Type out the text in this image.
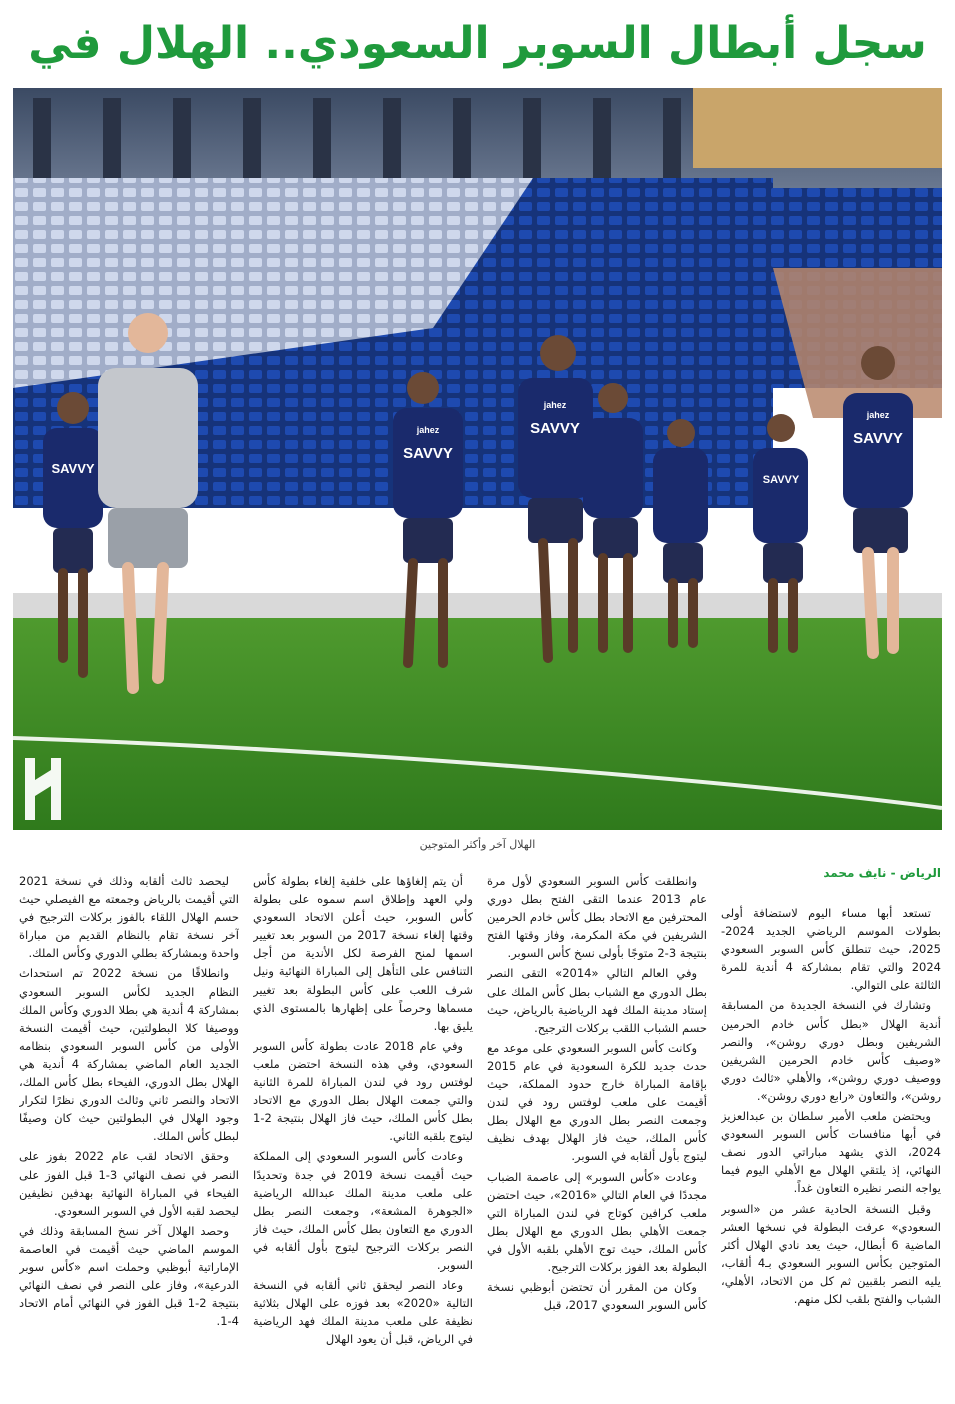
سجل أبطال السوبر السعودي.. الهلال في
SAVVY
SAVVY
SAVVY
SAVVY
SAVVY
jahez
jahez
jahez
الهلال آخر وأكثر المتوجين
الرياض - نايف محمد

تستعد أبها مساء اليوم لاستضافة أولى بطولات الموسم الرياضي الجديد 2024-2025، حيث تنطلق كأس السوبر السعودي 2024 والتي تقام بمشاركة 4 أندية للمرة الثالثة على التوالي.

وتشارك في النسخة الجديدة من المسابقة أندية الهلال «بطل كأس خادم الحرمين الشريفين وبطل دوري روشن»، والنصر «وصيف كأس خادم الحرمين الشريفين ووصيف دوري روشن»، والأهلي «ثالث دوري روشن»، والتعاون «رابع دوري روشن».

ويحتضن ملعب الأمير سلطان بن عبدالعزيز في أبها منافسات كأس السوبر السعودي 2024، الذي يشهد مباراتي الدور نصف النهائي، إذ يلتقي الهلال مع الأهلي اليوم فيما يواجه النصر نظيره التعاون غداً.

وقبل النسخة الحادية عشر من «السوبر السعودي» عرفت البطولة في نسخها العشر الماضية 6 أبطال، حيث يعد نادي الهلال أكثر المتوجين بكأس السوبر السعودي بـ4 ألقاب، يليه النصر بلقبين ثم كل من الاتحاد، الأهلي، الشباب والفتح بلقب لكل منهم.

وانطلقت كأس السوبر السعودي لأول مرة عام 2013 عندما التقى الفتح بطل دوري المحترفين مع الاتحاد بطل كأس خادم الحرمين الشريفين في مكة المكرمة، وفاز وقتها الفتح بنتيجة 3-2 متوجًا بأولى نسخ كأس السوبر.

وفي العالم التالي «2014» التقى النصر بطل الدوري مع الشباب بطل كأس الملك على إستاد مدينة الملك فهد الرياضية بالرياض، حيث حسم الشباب اللقب بركلات الترجيح.

وكانت كأس السوبر السعودي على موعد مع حدث جديد للكرة السعودية في عام 2015 بإقامة المباراة خارج حدود المملكة، حيث أقيمت على ملعب لوفتس رود في لندن وجمعت النصر بطل الدوري مع الهلال بطل كأس الملك، حيث فاز الهلال بهدف نظيف ليتوج بأول ألقابه في السوبر.

وعادت «كأس السوبر» إلى عاصمة الضباب مجددًا في العام التالي «2016»، حيث احتضن ملعب كرافين كوتاج في لندن المباراة التي جمعت الأهلي بطل الدوري مع الهلال بطل كأس الملك، حيث توج الأهلي بلقبه الأول في البطولة بعد الفوز بركلات الترجيح.

وكان من المقرر أن تحتضن أبوظبي نسخة كأس السوبر السعودي 2017، قبل

أن يتم إلغاؤها على خلفية إلغاء بطولة كأس ولي العهد وإطلاق اسم سموه على بطولة كأس السوبر، حيث أعلن الاتحاد السعودي وقتها إلغاء نسخة 2017 من السوبر بعد تغيير اسمها لمنح الفرصة لكل الأندية من أجل التنافس على التأهل إلى المباراة النهائية ونيل شرف اللعب على كأس البطولة بعد تغيير مسماها وحرصاً على إظهارها بالمستوى الذي يليق بها.

وفي عام 2018 عادت بطولة كأس السوبر السعودي، وفي هذه النسخة احتضن ملعب لوفتس رود في لندن المباراة للمرة الثانية والتي جمعت الهلال بطل الدوري مع الاتحاد بطل كأس الملك، حيث فاز الهلال بنتيجة 2-1 ليتوج بلقبه الثاني.

وعادت كأس السوبر السعودي إلى المملكة حيث أقيمت نسخة 2019 في جدة وتحديدًا على ملعب مدينة الملك عبدالله الرياضية «الجوهرة المشعة»، وجمعت النصر بطل الدوري مع التعاون بطل كأس الملك، حيث فاز النصر بركلات الترجيح ليتوج بأول ألقابه في السوبر.

وعاد النصر ليحقق ثاني ألقابه في النسخة التالية «2020» بعد فوزه على الهلال بثلاثية نظيفة على ملعب مدينة الملك فهد الرياضية في الرياض، قبل أن يعود الهلال

ليحصد ثالث ألقابه وذلك في نسخة 2021 التي أقيمت بالرياض وجمعته مع الفيصلي حيث حسم الهلال اللقاء بالفوز بركلات الترجيح في آخر نسخة تقام بالنظام القديم من مباراة واحدة وبمشاركة بطلي الدوري وكأس الملك.

وانطلاقًا من نسخة 2022 تم استحداث النظام الجديد لكأس السوبر السعودي بمشاركة 4 أندية هي بطلا الدوري وكأس الملك ووصيفا كلا البطولتين، حيث أقيمت النسخة الأولى من كأس السوبر السعودي بنظامه الجديد العام الماضي بمشاركة 4 أندية هي الهلال بطل الدوري، الفيحاء بطل كأس الملك، الاتحاد والنصر ثاني وثالث الدوري نظرًا لتكرار وجود الهلال في البطولتين حيث كان وصيفًا لبطل كأس الملك.

وحقق الاتحاد لقب عام 2022 بفوز على النصر في نصف النهائي 3-1 قبل الفوز على الفيحاء في المباراة النهائية بهدفين نظيفين ليحصد لقبه الأول في السوبر السعودي.

وحصد الهلال آخر نسخ المسابقة وذلك في الموسم الماضي حيث أقيمت في العاصمة الإماراتية أبوظبي وحملت اسم «كأس سوبر الدرعية»، وفاز على النصر في نصف النهائي بنتيجة 2-1 قبل الفوز في النهائي أمام الاتحاد 4-1.
